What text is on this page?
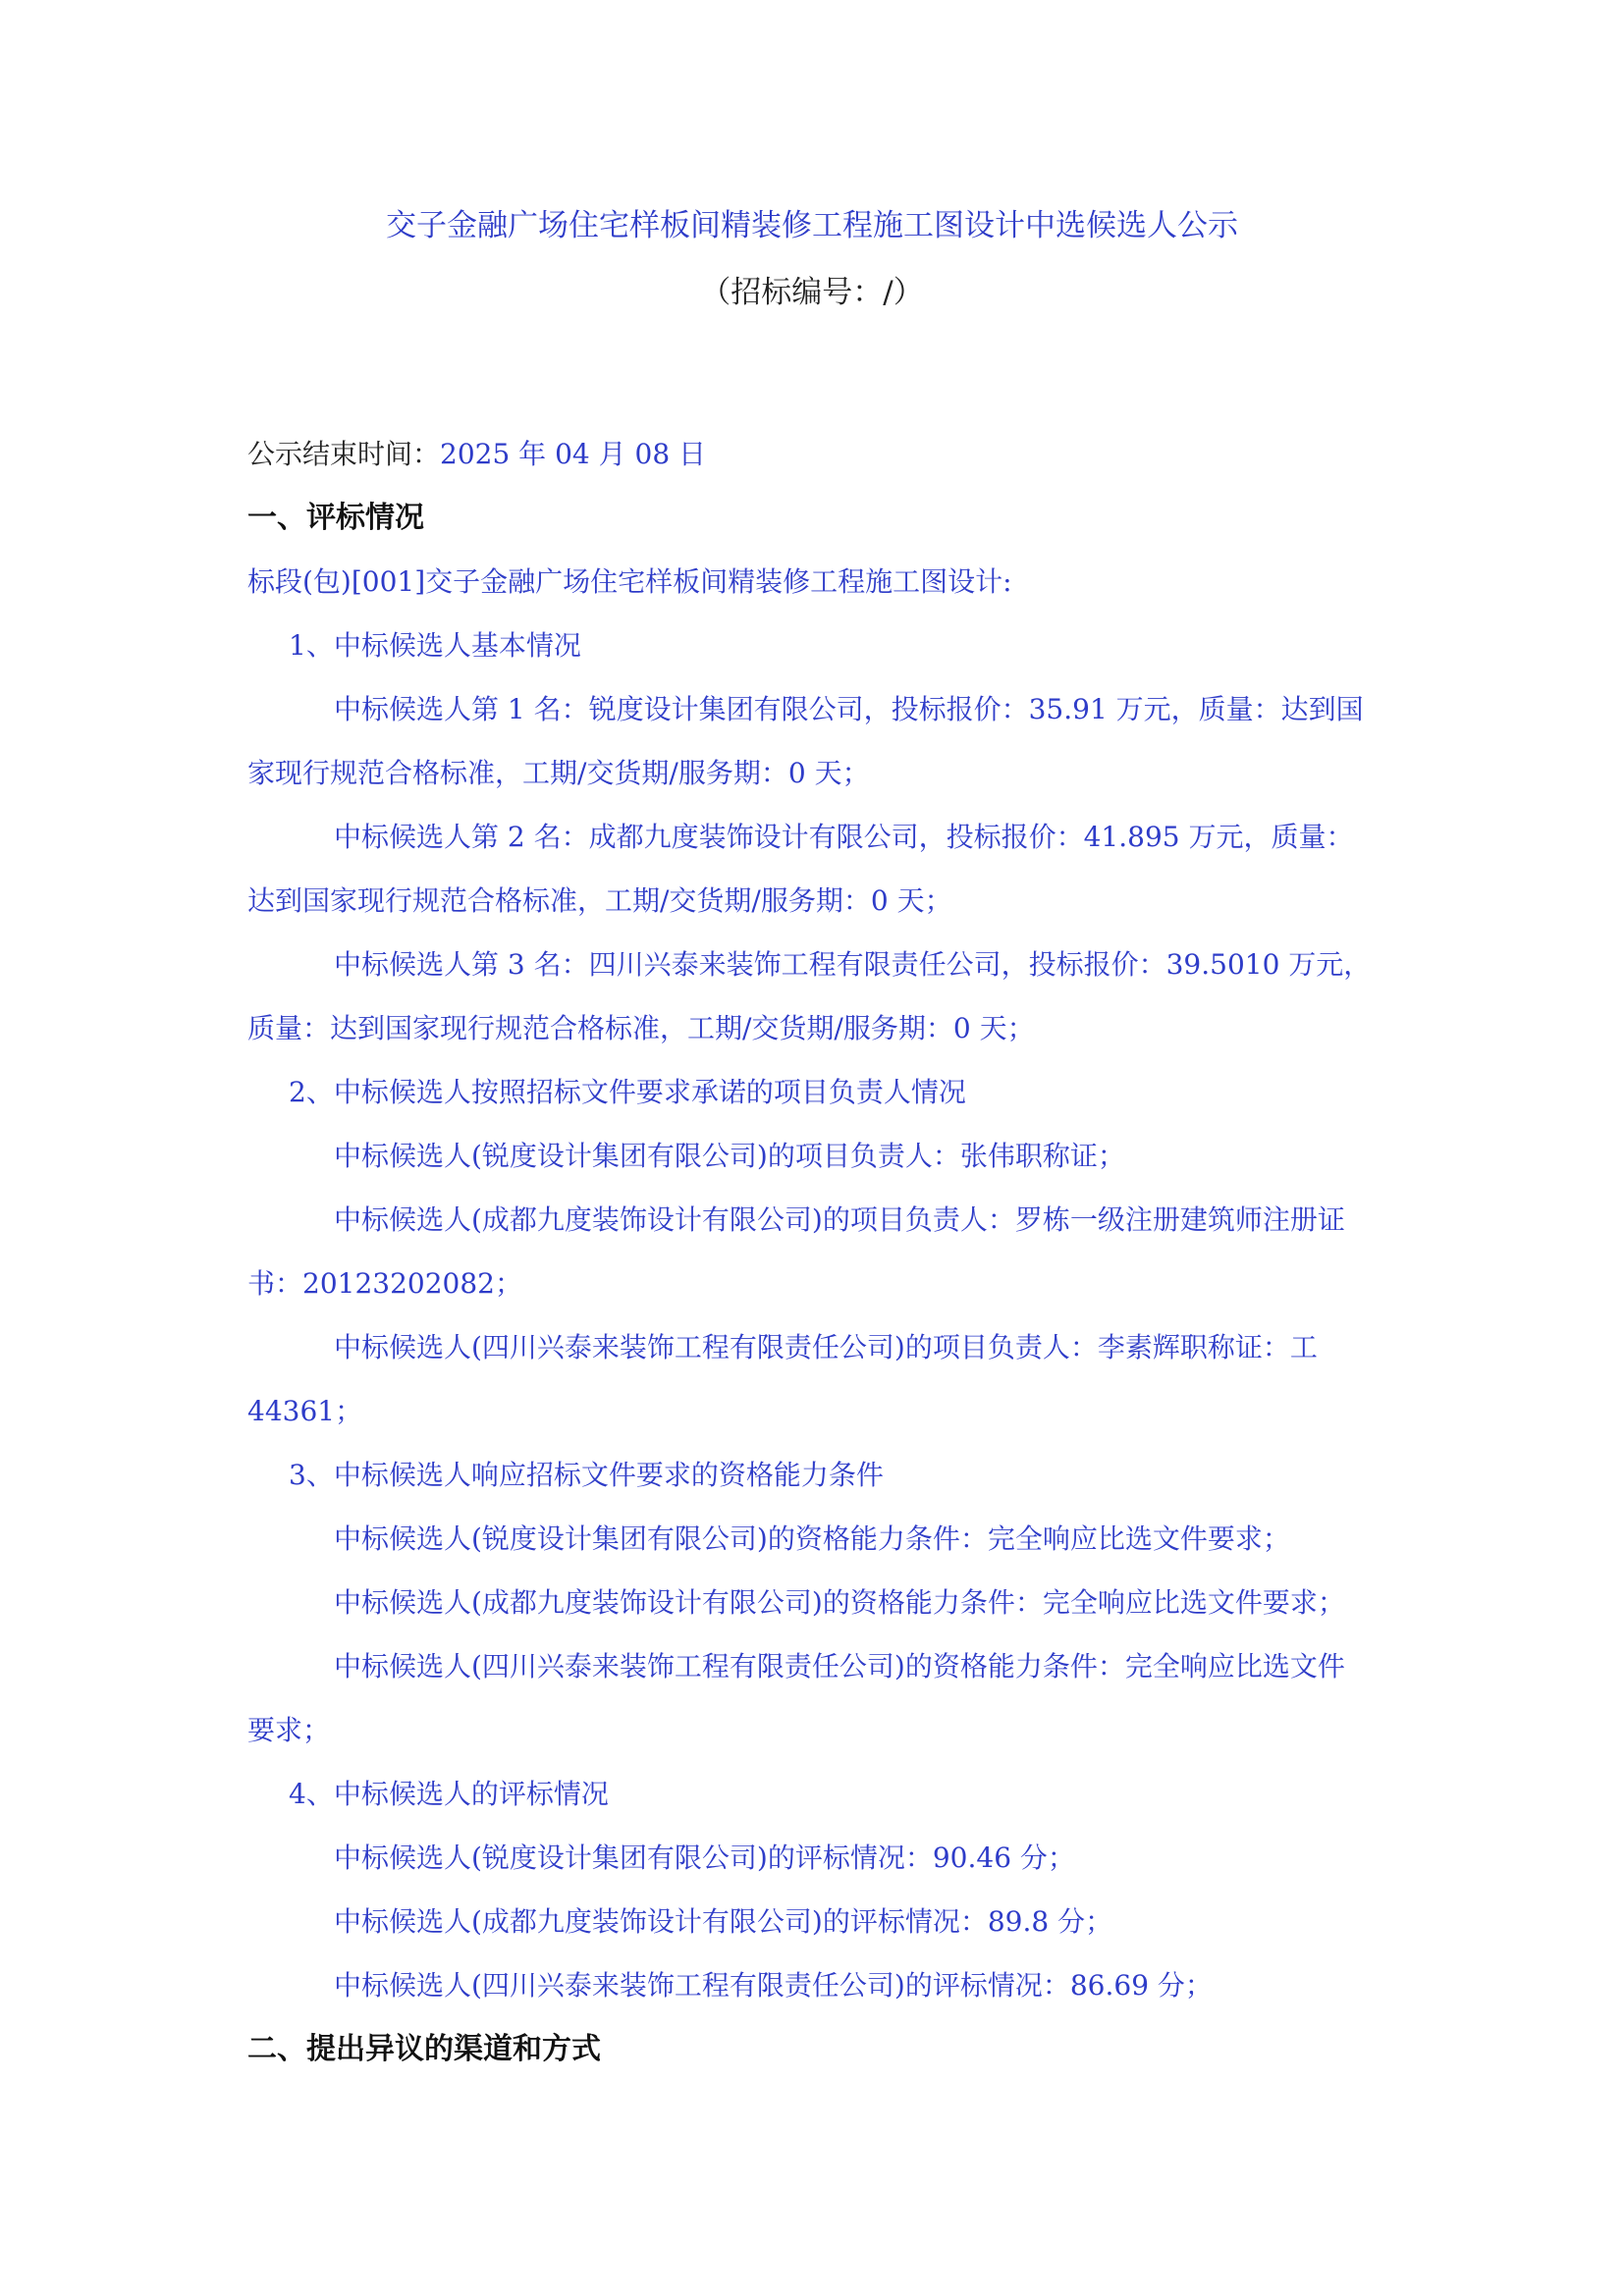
交子金融广场住宅样板间精装修工程施工图设计中选候选人公示
（招标编号：/）
公示结束时间：2025 年 04 月 08 日
一、评标情况
标段(包)[001]交子金融广场住宅样板间精装修工程施工图设计:
1、中标候选人基本情况
中标候选人第 1 名：锐度设计集团有限公司，投标报价：35.91 万元，质量：达到国
家现行规范合格标准，工期/交货期/服务期：0 天；
中标候选人第 2 名：成都九度装饰设计有限公司，投标报价：41.895 万元，质量：
达到国家现行规范合格标准，工期/交货期/服务期：0 天；
中标候选人第 3 名：四川兴泰来装饰工程有限责任公司，投标报价：39.5010 万元，
质量：达到国家现行规范合格标准，工期/交货期/服务期：0 天；
2、中标候选人按照招标文件要求承诺的项目负责人情况
中标候选人(锐度设计集团有限公司)的项目负责人：张伟职称证；
中标候选人(成都九度装饰设计有限公司)的项目负责人：罗栋一级注册建筑师注册证
书：20123202082；
中标候选人(四川兴泰来装饰工程有限责任公司)的项目负责人：李素辉职称证：工
44361；
3、中标候选人响应招标文件要求的资格能力条件
中标候选人(锐度设计集团有限公司)的资格能力条件：完全响应比选文件要求；
中标候选人(成都九度装饰设计有限公司)的资格能力条件：完全响应比选文件要求；
中标候选人(四川兴泰来装饰工程有限责任公司)的资格能力条件：完全响应比选文件
要求；
4、中标候选人的评标情况
中标候选人(锐度设计集团有限公司)的评标情况：90.46 分；
中标候选人(成都九度装饰设计有限公司)的评标情况：89.8 分；
中标候选人(四川兴泰来装饰工程有限责任公司)的评标情况：86.69 分；
二、提出异议的渠道和方式
